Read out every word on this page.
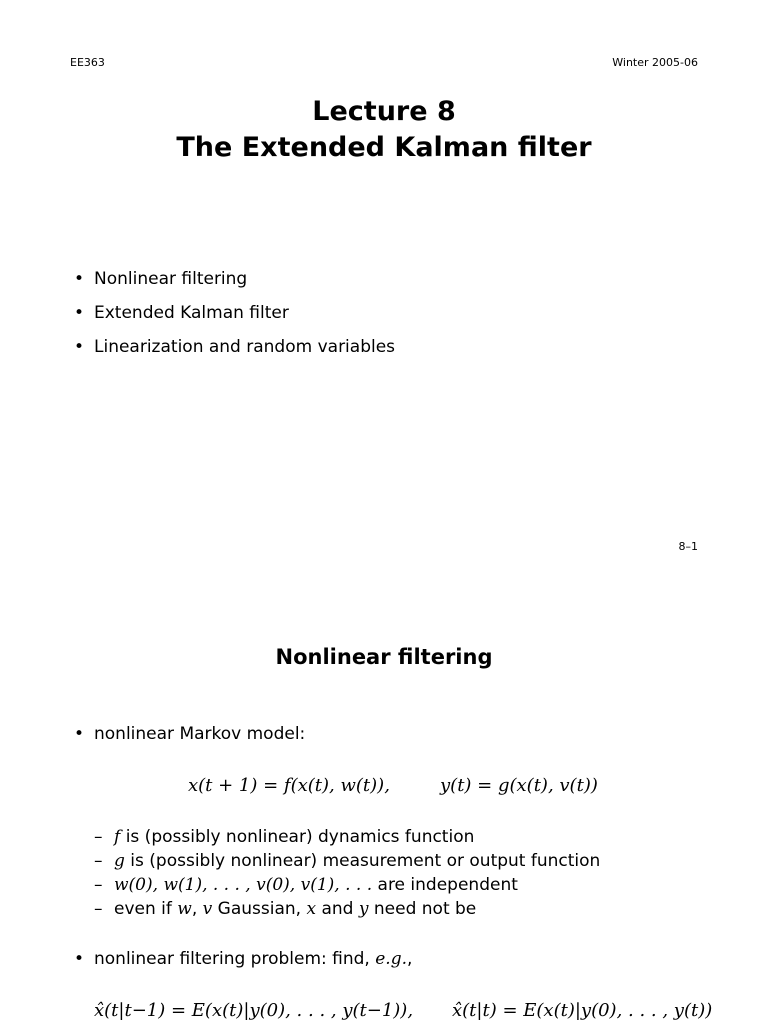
EE363	Winter 2005-06
Lecture 8
The Extended Kalman filter
• Nonlinear filtering
• Extended Kalman filter
• Linearization and random variables
8–1
Nonlinear filtering
• nonlinear Markov model:
x(t + 1) = f(x(t), w(t)),	y(t) = g(x(t), v(t))
– f is (possibly nonlinear) dynamics function
– g is (possibly nonlinear) measurement or output function
– w(0), w(1), . . . , v(0), v(1), . . . are independent
– even if w, v Gaussian, x and y need not be
• nonlinear filtering problem: find, e.g.,
x̂(t|t−1) = E(x(t)|y(0), . . . , y(t−1)), x̂(t|t) = E(x(t)|y(0), . . . , y(t))
